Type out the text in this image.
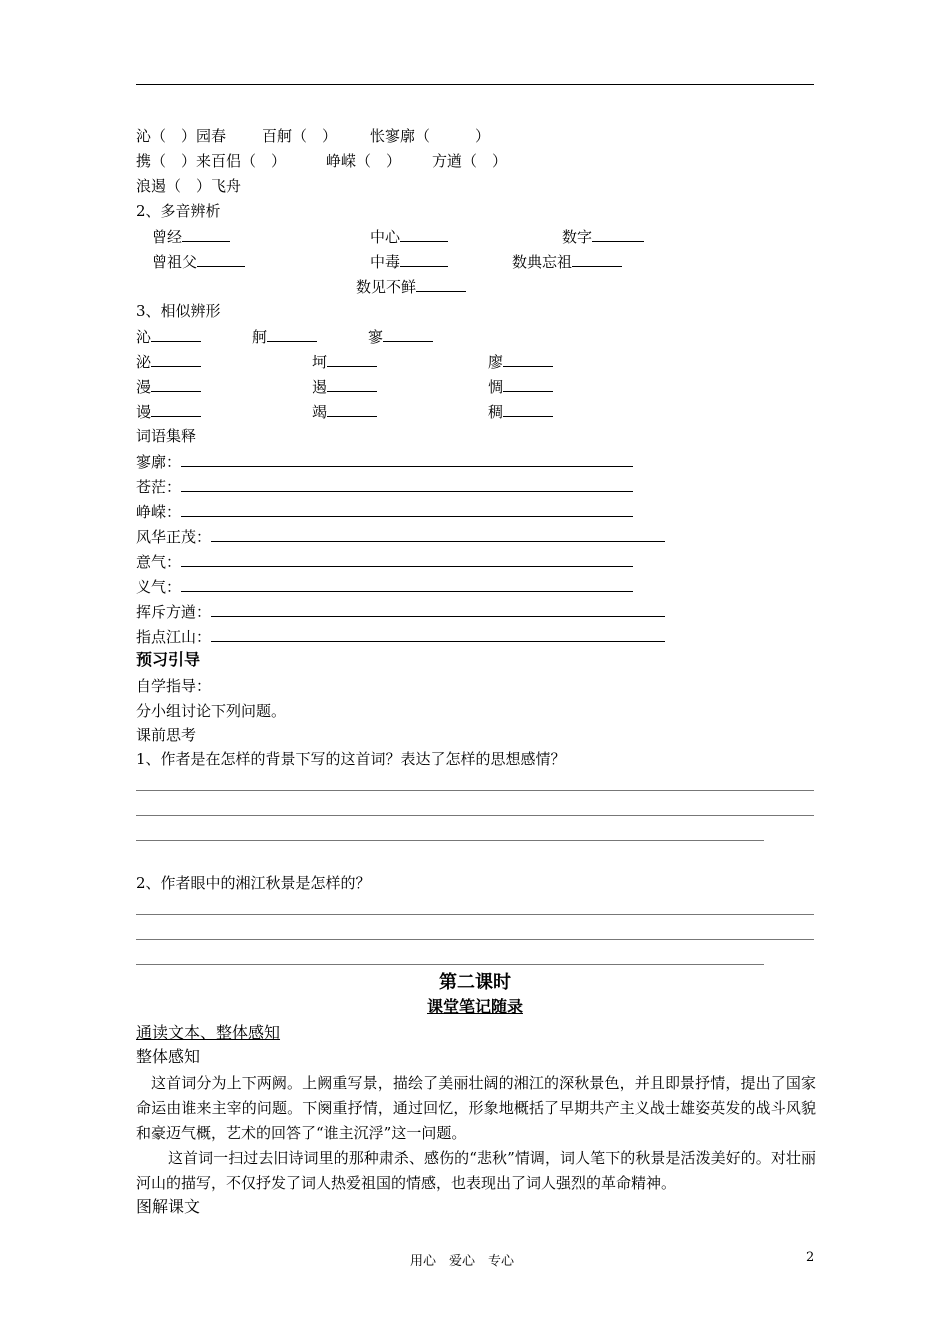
沁（　）园春 百舸（　） 怅寥廓（　　　）
携（　）来百侣（　）	峥嵘（　） 方遒（　）
浪遏（　）飞舟
2、多音辨析
曾经	中心	数字
曾祖父	中毒	数典忘祖
数见不鲜
3、相似辨形
沁	舸	寥
泌	坷	廖
漫	遏	惆
谩	竭	稠
词语集释
寥廓：
苍茫：
峥嵘：
风华正茂：
意气：
义气：
挥斥方遒：
指点江山：
预习引导
自学指导：
分小组讨论下列问题。
课前思考
1、作者是在怎样的背景下写的这首词？表达了怎样的思想感情？
2、作者眼中的湘江秋景是怎样的？
第二课时
课堂笔记随录
通读文本、整体感知
整体感知
这首词分为上下两阙。上阙重写景，描绘了美丽壮阔的湘江的深秋景色，并且即景抒情，提出了国家命运由谁来主宰的问题。下阕重抒情，通过回忆，形象地概括了早期共产主义战士雄姿英发的战斗风貌和豪迈气概，艺术的回答了“谁主沉浮”这一问题。
这首词一扫过去旧诗词里的那种肃杀、感伤的“悲秋”情调，词人笔下的秋景是活泼美好的。对壮丽河山的描写，不仅抒发了词人热爱祖国的情感，也表现出了词人强烈的革命精神。
图解课文
用心　爱心　专心	2
